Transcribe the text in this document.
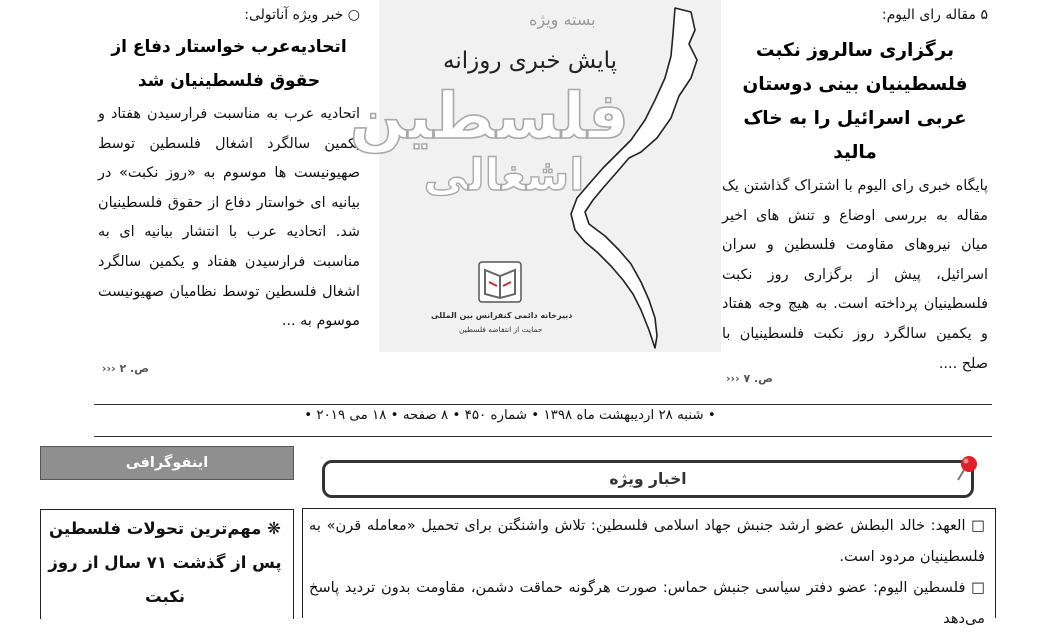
۵ مقاله رای الیوم:
برگزاری سالروز نکبت فلسطینیان بینی دوستان عربی اسرائیل را به خاک مالید
پایگاه خبری رای الیوم با اشتراک گذاشتن یک مقاله به بررسی اوضاع و تنش های اخیر میان نیروهای مقاومت فلسطین و سران اسرائیل، پیش از برگزاری روز نکبت فلسطینیان پرداخته است. به هیچ وجه هفتاد و یکمین سالگرد روز نکبت فلسطینیان با صلح ....
››› ص. ۷
○ خبر ویژه آناتولی:
اتحادیه‌عرب خواستار دفاع از حقوق فلسطینیان شد
اتحادیه عرب به مناسبت فرارسیدن هفتاد و یکمین سالگرد اشغال فلسطین توسط صهیونیست ها موسوم به «روز نکبت» در بیانیه ای خواستار دفاع از حقوق فلسطینیان شد. اتحادیه عرب با انتشار بیانیه ای به مناسبت فرارسیدن هفتاد و یکمین سالگرد اشغال فلسطین توسط نظامیان صهیونیست موسوم به ...
››› ص. ۲
بسته ویژه
پایش خبری روزانه
فلسطین
اشغالی
دبیرخانه دائمی کنفرانس بین المللی
حمایت از انتفاضه فلسطین
• شنبه ۲۸ اردیبهشت ماه ۱۳۹۸ • شماره ۴۵۰ • ۸ صفحه • ۱۸ می ۲۰۱۹ •
اینفوگرافی
❋ مهم‌ترین تحولات فلسطین پس از گذشت ۷۱ سال از روز نکبت
اخبار ویژه
□ العهد: خالد البطش عضو ارشد جنبش جهاد اسلامی فلسطین: تلاش واشنگتن برای تحمیل «معامله قرن» به فلسطینیان مردود است.
□ فلسطین الیوم: عضو دفتر سیاسی جنبش حماس: صورت هرگونه حماقت دشمن، مقاومت بدون تردید پاسخ می‌دهد
